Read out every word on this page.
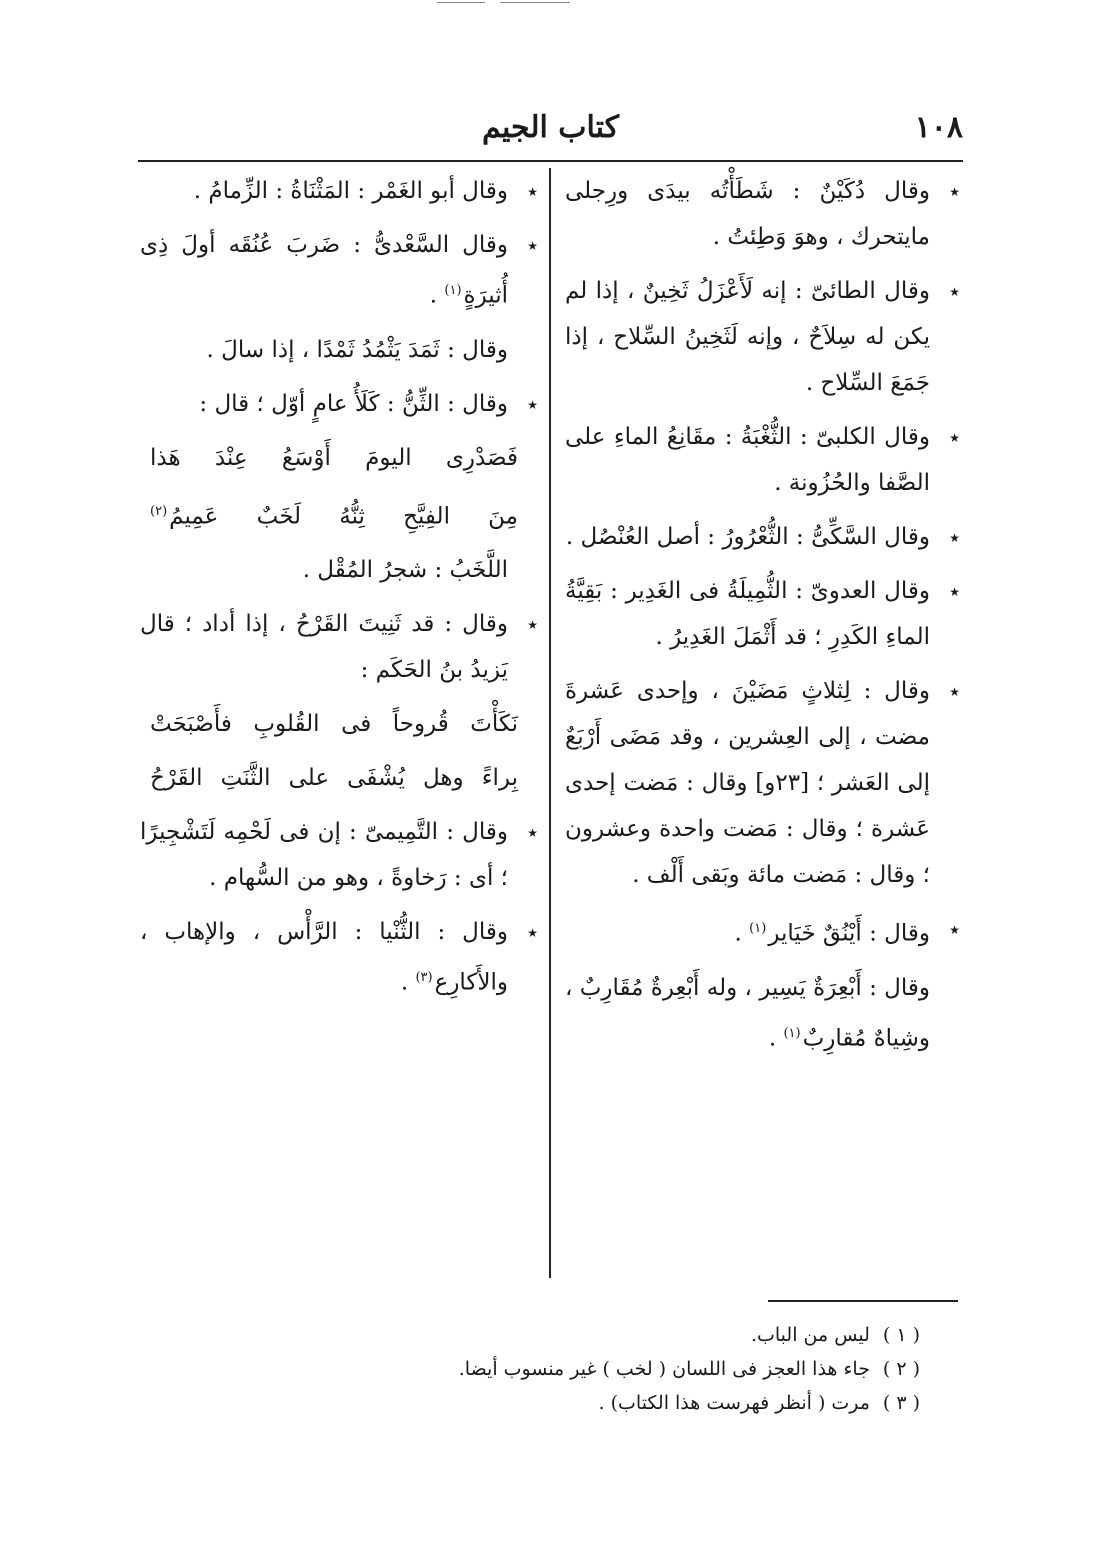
١٠٨
كتاب الجيم

٭ وقال دُكَيْنٌ : شَطَأْتُه بيدَى ورِجلى مايتحرك ، وهوَ وَطِئتُ .

٭ وقال الطائىّ : إنه لَأَعْزَلُ ثَخِينٌ ، إذا لم يكن له سِلاَحٌ ، وإنه لَثَخِينُ السِّلاح ، إذا جَمَعَ السِّلاح .

٭ وقال الكلبىّ : الثُّغْبَةُ : مقَانِعُ الماءِ على الصَّفا والحُزُونة .

٭ وقال السَّكِّىُّ : الثُّعْرُورُ : أصل العُنْصُل .

٭ وقال العدوىّ : الثُّمِيلَةُ فى الغَدِير : بَقِيَّةُ الماءِ الكَدِرِ ؛ قد أَثْمَلَ الغَدِيرُ .

٭ وقال : لِثلاثٍ مَضَيْنَ ، وإحدى عَشرةَ مضت ، إلى العِشرين ، وقد مَضَى أَرْبَعٌ إلى العَشر ؛ [٢٣و] وقال : مَضت إحدى عَشرة ؛ وقال : مَضت واحدة وعشرون ؛ وقال : مَضت مائة وبَقى أَلْف .

٭ وقال : أَيْنُقٌ خَيَاير$^{(١)}$ .

وقال : أَبْعِرَةٌ يَسِير ، وله أَبْعِرةٌ مُقَارِبٌ ، وشِياهٌ مُقارِبٌ$^{(١)}$ .

٭ وقال أبو الغَمْر : المَثْنَاةُ : الزِّمامُ .

٭ وقال السَّعْدىُّ : ضَربَ عُنُقَه أولَ ذِى أُثيرَةٍ$^{(١)}$ .

وقال : ثَمَدَ يَثْمُدُ ثَمْدًا ، إذا سالَ .

٭ وقال : الثِّنُّ : كَلَأُ عامٍ أوّل ؛ قال :

فَصَدْرِى اليومَ أَوْسَعُ عِنْدَ هَذا

مِنَ الفِيَّحِ ثِنُّهُ لَخَبٌ عَمِيمُ$^{(٢)}$

اللَّخَبُ : شجرُ المُقْل .

٭ وقال : قد ثَنِيتَ القَرْحُ ، إذا أداد ؛ قال يَزيدُ بنُ الحَكَم :

نَكَأْتَ قُروحاً فى القُلوبِ فأَصْبَحَتْ

بِراءً وهل يُشْفَى على الثَّنَتِ القَرْحُ

٭ وقال : التَّمِيمىّ : إن فى لَحْمِه لَتَشْجِيرًا ؛ أى : رَخاوةً ، وهو من السُّهام .

٭ وقال : الثُّنْيا : الرَّأْس ، والإهاب ، والأَكارِع$^{(٣)}$ .

( ١ ) ليس من الباب.
( ٢ ) جاء هذا العجز فى اللسان ( لخب ) غير منسوب أيضا.
( ٣ ) مرت ( أنظر فهرست هذا الكتاب) .
